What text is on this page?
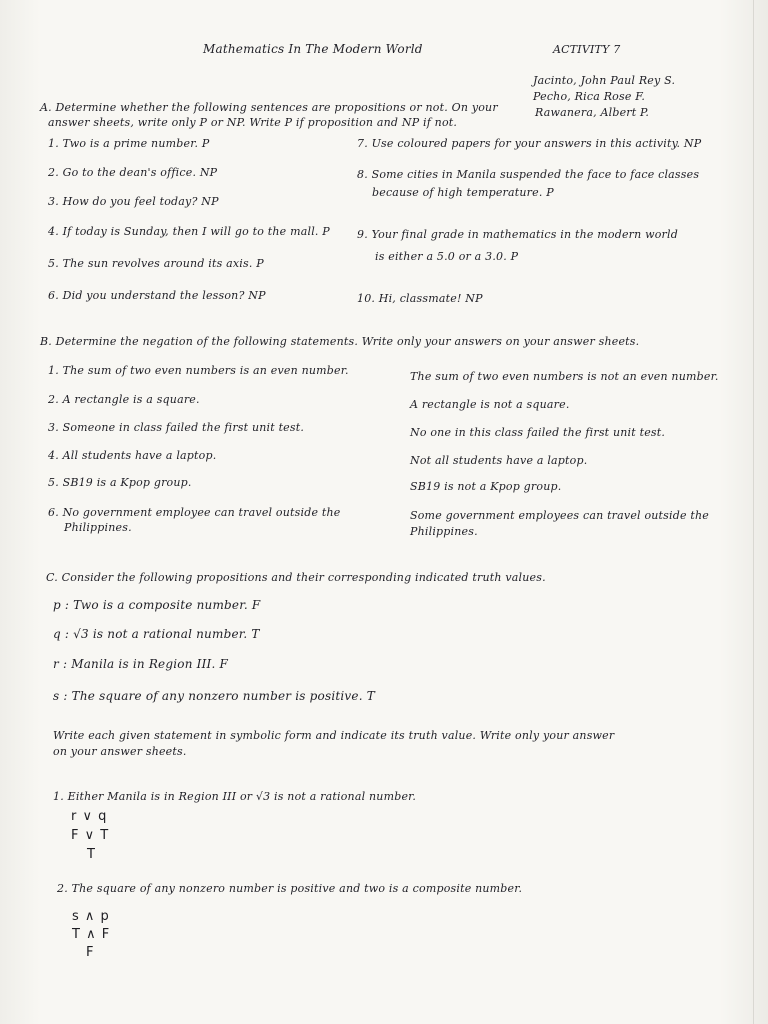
Mathematics In The Modern World	ACTIVITY 7
Jacinto, John Paul Rey S.
Pecho, Rica Rose F.
Rawanera, Albert P.
A. Determine whether the following sentences are propositions or not. On your
answer sheets, write only P or NP. Write P if proposition and NP if not.
1. Two is a prime number. P
2. Go to the dean's office. NP
3. How do you feel today? NP
4. If today is Sunday, then I will go to the mall. P
5. The sun revolves around its axis. P
6. Did you understand the lesson? NP
7. Use coloured papers for your answers in this activity. NP
8. Some cities in Manila suspended the face to face classes
because of high temperature. P
9. Your final grade in mathematics in the modern world
is either a 5.0 or a 3.0. P
10. Hi, classmate! NP
B. Determine the negation of the following statements. Write only your answers on your answer sheets.
1. The sum of two even numbers is an even number.
2. A rectangle is a square.
3. Someone in class failed the first unit test.
4. All students have a laptop.
5. SB19 is a Kpop group.
6. No government employee can travel outside the
Philippines.
The sum of two even numbers is not an even number.
A rectangle is not a square.
No one in this class failed the first unit test.
Not all students have a laptop.
SB19 is not a Kpop group.
Some government employees can travel outside the
Philippines.
C. Consider the following propositions and their corresponding indicated truth values.
p : Two is a composite number. F
q : √3 is not a rational number. T
r : Manila is in Region III. F
s : The square of any nonzero number is positive. T
Write each given statement in symbolic form and indicate its truth value. Write only your answer
on your answer sheets.
1. Either Manila is in Region III or √3 is not a rational number.
r ∨ q
F ∨ T
T
2. The square of any nonzero number is positive and two is a composite number.
s ∧ p
T ∧ F
F
